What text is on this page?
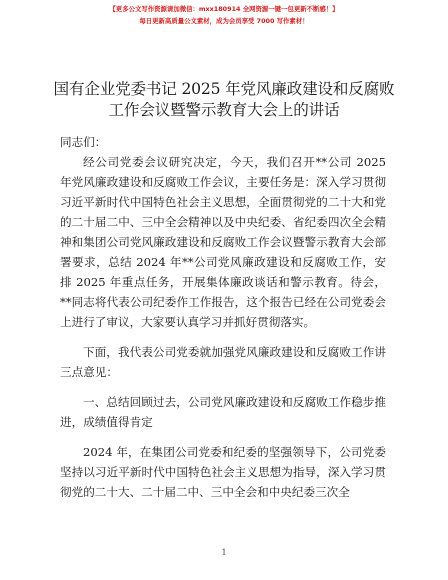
【更多公文写作资源请加微信：mxx180914 全网资源一键一包更新不断感！】
每日更新高质量公文素材，成为会员享受 7000 写作素材！
国有企业党委书记 2025 年党风廉政建设和反腐败工作会议暨警示教育大会上的讲话

同志们：

经公司党委会议研究决定，今天，我们召开**公司 2025 年党风廉政建设和反腐败工作会议，主要任务是：深入学习贯彻习近平新时代中国特色社会主义思想，全面贯彻党的二十大和党的二十届二中、三中全会精神以及中央纪委、省纪委四次全会精神和集团公司党风廉政建设和反腐败工作会议暨警示教育大会部署要求，总结 2024 年**公司党风廉政建设和反腐败工作，安排 2025 年重点任务，开展集体廉政谈话和警示教育。待会，**同志将代表公司纪委作工作报告，这个报告已经在公司党委会上进行了审议，大家要认真学习并抓好贯彻落实。

下面，我代表公司党委就加强党风廉政建设和反腐败工作讲三点意见：

一、总结回顾过去，公司党风廉政建设和反腐败工作稳步推进，成绩值得肯定

2024 年，在集团公司党委和纪委的坚强领导下，公司党委坚持以习近平新时代中国特色社会主义思想为指导，深入学习贯彻党的二十大、二十届二中、三中全会和中央纪委三次全

1
